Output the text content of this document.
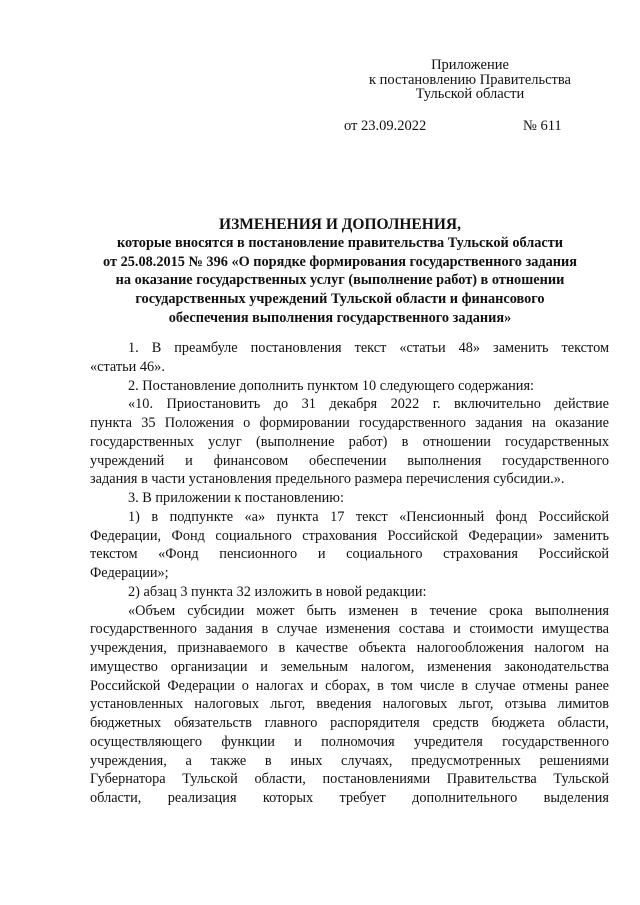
Приложение
к постановлению Правительства
Тульской области
от 23.09.2022	№ 611
ИЗМЕНЕНИЯ И ДОПОЛНЕНИЯ,
которые вносятся в постановление правительства Тульской области
от 25.08.2015 № 396 «О порядке формирования государственного задания
на оказание государственных услуг (выполнение работ) в отношении
государственных учреждений Тульской области и финансового
обеспечения выполнения государственного задания»
1. В преамбуле постановления текст «статьи 48» заменить текстом
«статьи 46».
2. Постановление дополнить пунктом 10 следующего содержания:
«10. Приостановить до 31 декабря 2022 г. включительно действие
пункта 35 Положения о формировании государственного задания на оказание
государственных услуг (выполнение работ) в отношении государственных
учреждений и финансовом обеспечении выполнения государственного
задания в части установления предельного размера перечисления субсидии.».
3. В приложении к постановлению:
1) в подпункте «а» пункта 17 текст «Пенсионный фонд Российской
Федерации, Фонд социального страхования Российской Федерации» заменить
текстом «Фонд пенсионного и социального страхования Российской
Федерации»;
2) абзац 3 пункта 32 изложить в новой редакции:
«Объем субсидии может быть изменен в течение срока выполнения
государственного задания в случае изменения состава и стоимости имущества
учреждения, признаваемого в качестве объекта налогообложения налогом на
имущество организации и земельным налогом, изменения законодательства
Российской Федерации о налогах и сборах, в том числе в случае отмены ранее
установленных налоговых льгот, введения налоговых льгот, отзыва лимитов
бюджетных обязательств главного распорядителя средств бюджета области,
осуществляющего функции и полномочия учредителя государственного
учреждения, а также в иных случаях, предусмотренных решениями
Губернатора Тульской области, постановлениями Правительства Тульской
области, реализация которых требует дополнительного выделения
